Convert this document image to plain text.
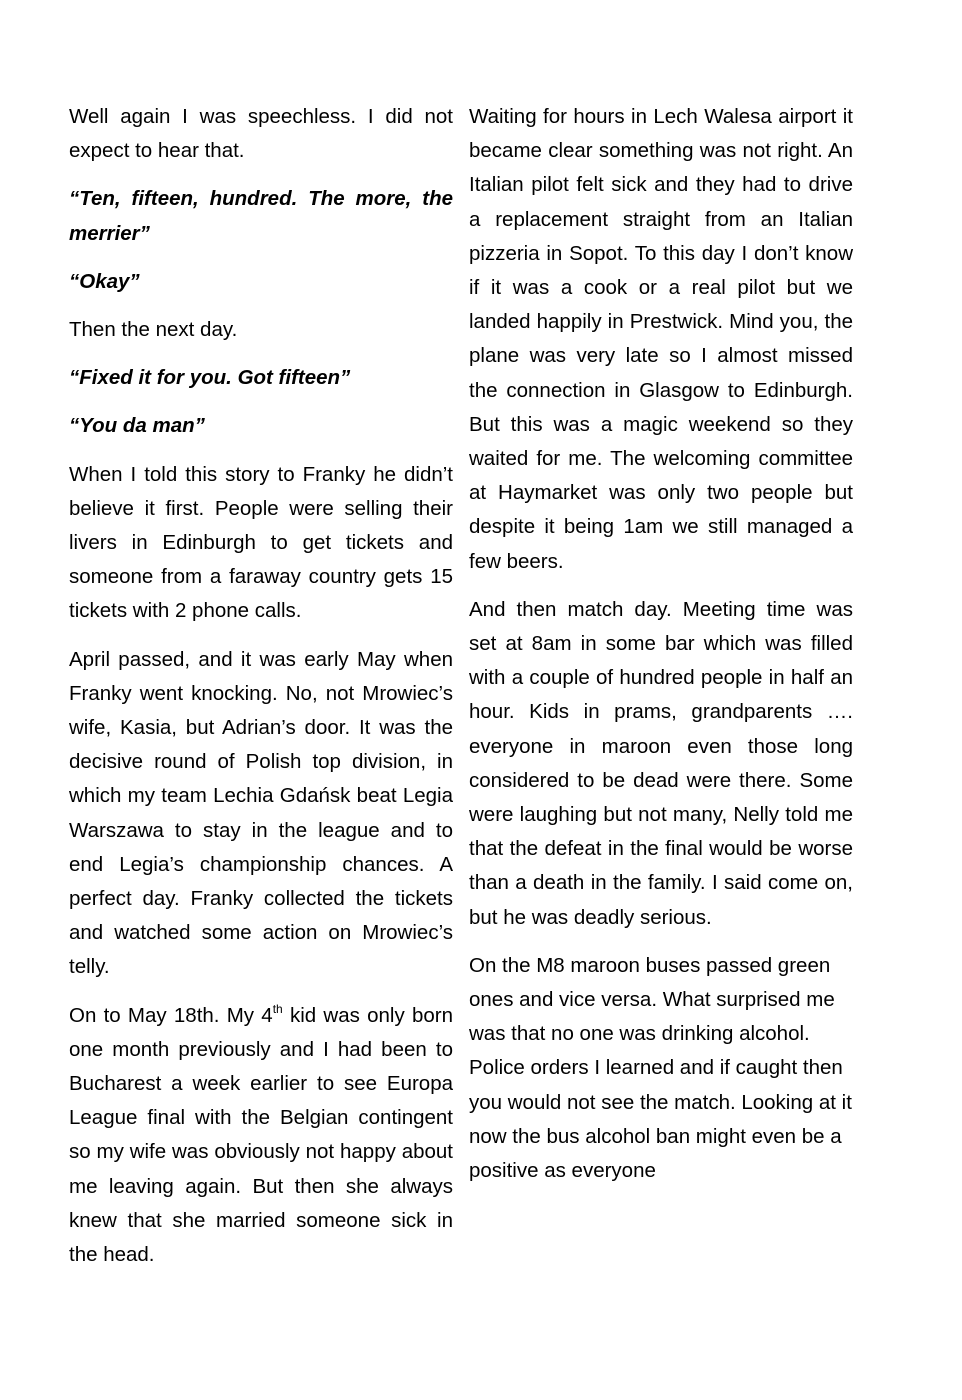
Well again I was speechless. I did not expect to hear that.

“Ten, fifteen, hundred. The more, the merrier”

“Okay”

Then the next day.

“Fixed it for you. Got fifteen”

“You da man”

When I told this story to Franky he didn’t believe it first. People were selling their livers in Edinburgh to get tickets and someone from a faraway country gets 15 tickets with 2 phone calls.

April passed, and it was early May when Franky went knocking. No, not Mrowiec’s wife, Kasia, but Adrian’s door. It was the decisive round of Polish top division, in which my team Lechia Gdańsk beat Legia Warszawa to stay in the league and to end Legia’s championship chances. A perfect day. Franky collected the tickets and watched some action on Mrowiec’s telly.

On to May 18th. My 4th kid was only born one month previously and I had been to Bucharest a week earlier to see Europa League final with the Belgian contingent so my wife was obviously not happy about me leaving again. But then she always knew that she married someone sick in the head.

Waiting for hours in Lech Walesa airport it became clear something was not right. An Italian pilot felt sick and they had to drive a replacement straight from an Italian pizzeria in Sopot. To this day I don’t know if it was a cook or a real pilot but we landed happily in Prestwick. Mind you, the plane was very late so I almost missed the connection in Glasgow to Edinburgh. But this was a magic weekend so they waited for me. The welcoming committee at Haymarket was only two people but despite it being 1am we still managed a few beers.

And then match day. Meeting time was set at 8am in some bar which was filled with a couple of hundred people in half an hour. Kids in prams, grandparents …. everyone in maroon even those long considered to be dead were there. Some were laughing but not many, Nelly told me that the defeat in the final would be worse than a death in the family. I said come on, but he was deadly serious.

On the M8 maroon buses passed green ones and vice versa. What surprised me was that no one was drinking alcohol. Police orders I learned and if caught then you would not see the match. Looking at it now the bus alcohol ban might even be a positive as everyone
